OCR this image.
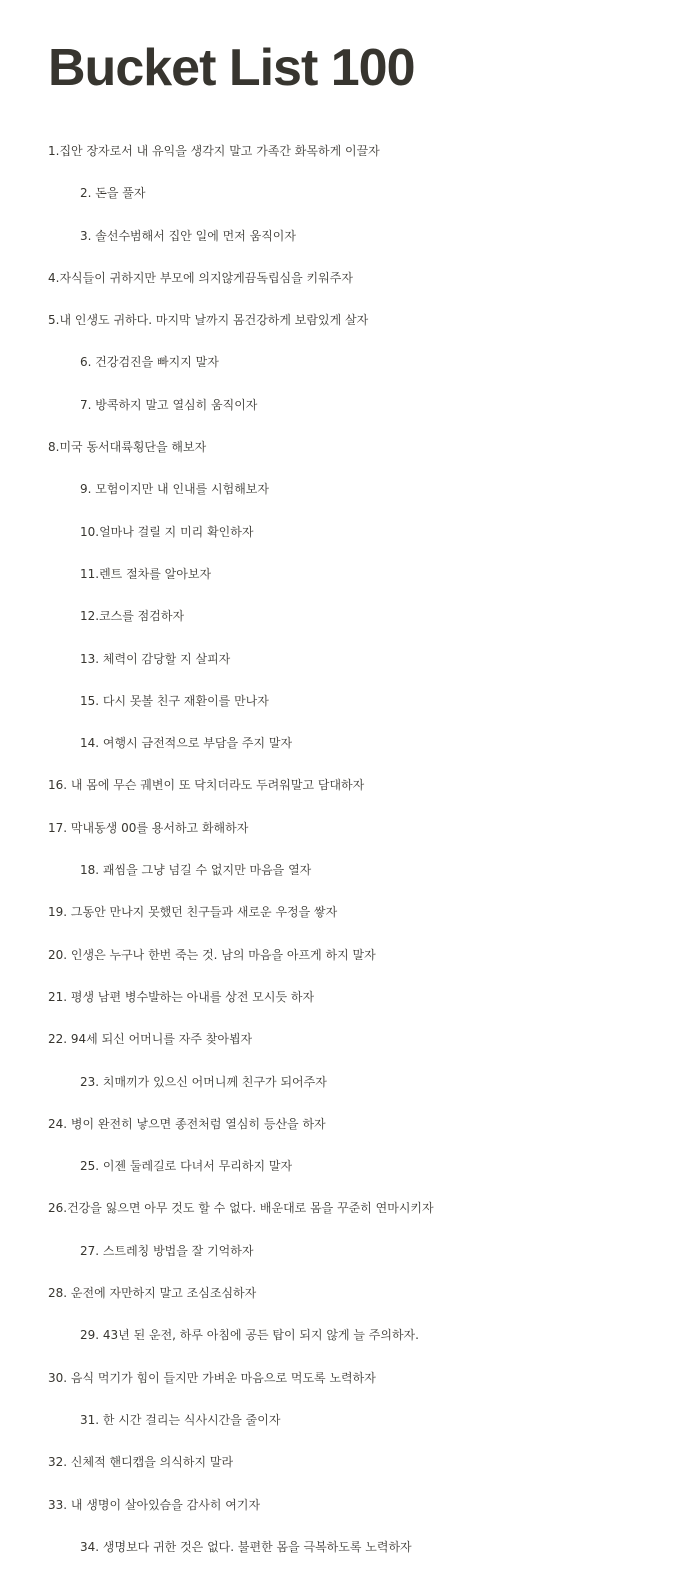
Bucket List 100
1.집안 장자로서 내 유익을 생각지 말고 가족간 화목하게 이끌자
2. 돈을 풀자
3. 솔선수범해서 집안 일에 먼저 움직이자
4.자식들이 귀하지만 부모에 의지않게끔독립심을 키워주자
5.내 인생도 귀하다. 마지막 날까지 몸건강하게 보람있게 살자
6. 건강검진을 빠지지 말자
7. 방콕하지 말고 열심히 움직이자
8.미국 동서대륙횡단을 해보자
9. 모험이지만 내 인내를 시험해보자
10.얼마나 걸릴 지 미리 확인하자
11.렌트 절차를 알아보자
12.코스를 점검하자
13. 체력이 감당할 지 살피자
15. 다시 못볼 친구 재환이를 만나자
14. 여행시 금전적으로 부담을 주지 말자
16. 내 몸에 무슨 궤변이 또 닥치더라도 두려워말고 담대하자
17. 막내동생 00를 용서하고 화해하자
18. 괘씸을 그냥 넘길 수 없지만 마음을 열자
19. 그동안 만나지 못했던 친구들과 새로운 우정을 쌓자
20. 인생은 누구나 한번 죽는 것. 남의 마음을 아프게 하지 말자
21. 평생 남편 병수발하는 아내를 상전 모시듯 하자
22. 94세 되신 어머니를 자주 찾아뵙자
23. 치매끼가 있으신 어머니께 친구가 되어주자
24. 병이 완전히 낳으면 종전처럼 열심히 등산을 하자
25. 이젠 둘레길로 다녀서 무리하지 말자
26.건강을 잃으면 아무 것도 할 수 없다. 배운대로 몸을 꾸준히 연마시키자
27. 스트레칭 방법을 잘 기억하자
28. 운전에 자만하지 말고 조심조심하자
29. 43년 된 운전, 하루 아침에 공든 탑이 되지 않게 늘 주의하자.
30. 음식 먹기가 힘이 들지만 가벼운 마음으로 먹도록 노력하자
31. 한 시간 걸리는 식사시간을 줄이자
32. 신체적 핸디캡을 의식하지 말라
33. 내 생명이 살아있슴을 감사히 여기자
34. 생명보다 귀한 것은 없다. 불편한 몸을 극복하도록 노력하자
